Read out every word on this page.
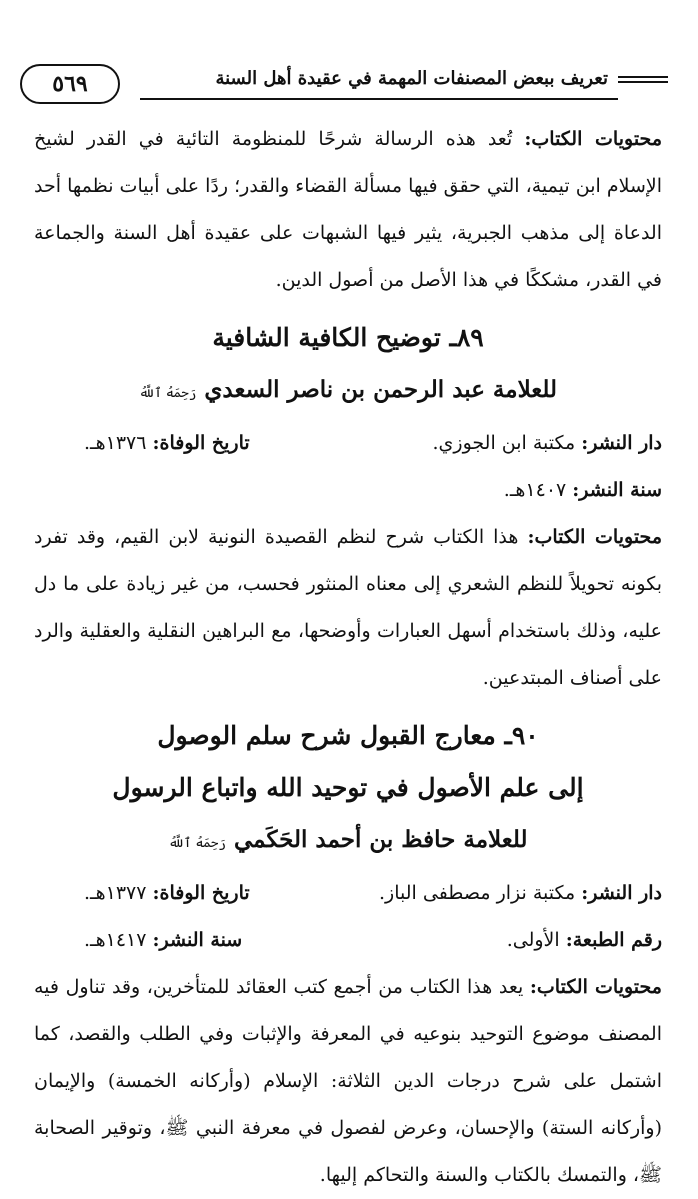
تعريف ببعض المصنفات المهمة في عقيدة أهل السنة
٥٦٩

محتويات الكتاب: تُعد هذه الرسالة شرحًا للمنظومة التائية في القدر لشيخ الإسلام ابن تيمية، التي حقق فيها مسألة القضاء والقدر؛ ردًا على أبيات نظمها أحد الدعاة إلى مذهب الجبرية، يثير فيها الشبهات على عقيدة أهل السنة والجماعة في القدر، مشككًا في هذا الأصل من أصول الدين.

٨٩ـ توضيح الكافية الشافية
للعلامة عبد الرحمن بن ناصر السعدي رَحِمَهُ ٱللَّهُ
دار النشر: مكتبة ابن الجوزي.
تاريخ الوفاة: ١٣٧٦هـ.
سنة النشر: ١٤٠٧هـ.

محتويات الكتاب: هذا الكتاب شرح لنظم القصيدة النونية لابن القيم، وقد تفرد بكونه تحويلاً للنظم الشعري إلى معناه المنثور فحسب، من غير زيادة على ما دل عليه، وذلك باستخدام أسهل العبارات وأوضحها، مع البراهين النقلية والعقلية والرد على أصناف المبتدعين.

٩٠ـ معارج القبول شرح سلم الوصول
إلى علم الأصول في توحيد الله واتباع الرسول
للعلامة حافظ بن أحمد الحَكَمي رَحِمَهُ ٱللَّهُ
دار النشر: مكتبة نزار مصطفى الباز.
تاريخ الوفاة: ١٣٧٧هـ.
رقم الطبعة: الأولى.
سنة النشر: ١٤١٧هـ.

محتويات الكتاب: يعد هذا الكتاب من أجمع كتب العقائد للمتأخرين، وقد تناول فيه المصنف موضوع التوحيد بنوعيه في المعرفة والإثبات وفي الطلب والقصد، كما اشتمل على شرح درجات الدين الثلاثة: الإسلام (وأركانه الخمسة) والإيمان (وأركانه الستة) والإحسان، وعرض لفصول في معرفة النبي ﷺ، وتوقير الصحابة ﷺ، والتمسك بالكتاب والسنة والتحاكم إليها.
